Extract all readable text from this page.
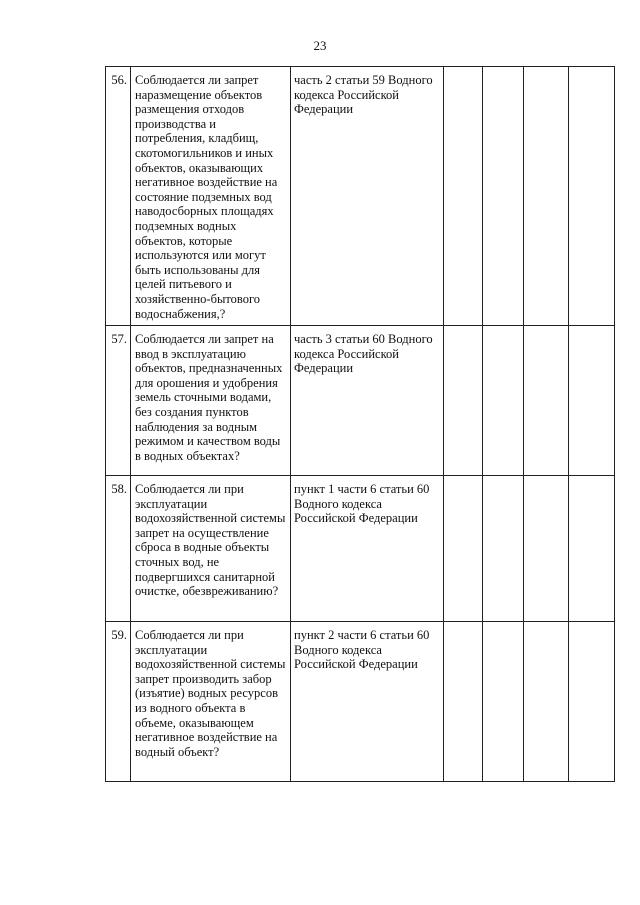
23
56.	Соблюдается ли запрет наразмещение объектов размещения отходов производства и потребления, кладбищ, скотомогильников и иных объектов, оказывающих негативное воздействие на состояние подземных вод наводосборных площадях подземных водных объектов, которые используются или могут быть использованы для целей питьевого и хозяйственно-бытового водоснабжения,?	часть 2 статьи 59 Водного кодекса Российской Федерации				
57.	Соблюдается ли запрет на ввод в эксплуатацию объектов, предназначенных для орошения и удобрения земель сточными водами, без создания пунктов наблюдения за водным режимом и качеством воды в водных объектах?	часть 3 статьи 60 Водного кодекса Российской Федерации				
58.	Соблюдается ли при эксплуатации водохозяйственной системы запрет на осуществление сброса в водные объекты сточных вод, не подвергшихся санитарной очистке, обезвреживанию?	пункт 1 части 6 статьи 60 Водного кодекса Российской Федерации				
59.	Соблюдается ли при эксплуатации водохозяйственной системы запрет производить забор (изъятие) водных ресурсов из водного объекта в объеме, оказывающем негативное воздействие на водный объект?	пункт 2 части 6 статьи 60 Водного кодекса Российской Федерации				
